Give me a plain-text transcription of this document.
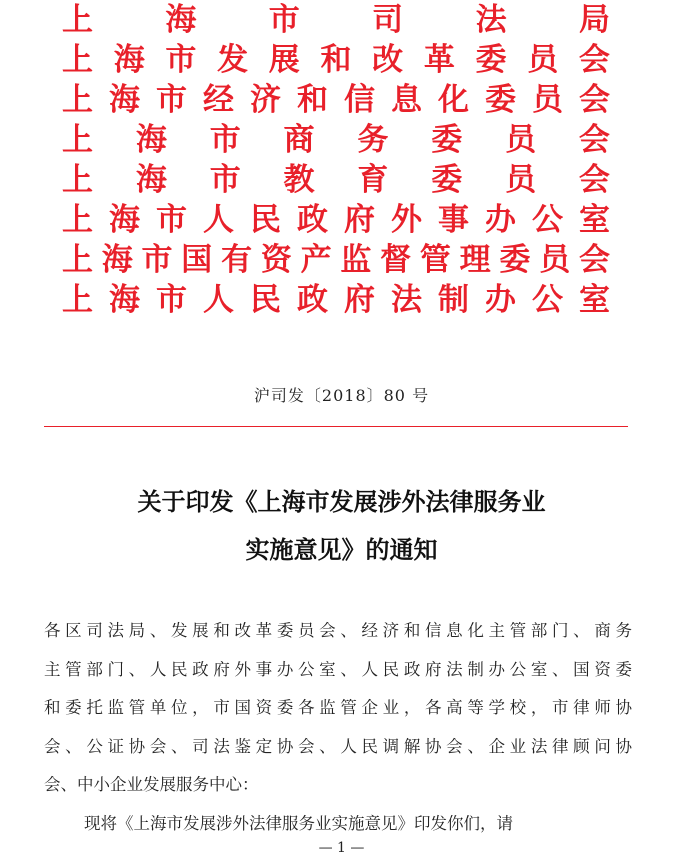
上 海 市 司 法 局
上 海 市 发 展 和 改 革 委 员 会
上 海 市 经 济 和 信 息 化 委 员 会
上 海 市 商 务 委 员 会
上 海 市 教 育 委 员 会
上 海 市 人 民 政 府 外 事 办 公 室
上 海 市 国 有 资 产 监 督 管 理 委 员 会
上 海 市 人 民 政 府 法 制 办 公 室
沪司发〔2018〕80 号
关于印发《上海市发展涉外法律服务业
实施意见》的通知
各区司法局、发展和改革委员会、经济和信息化主管部门、商务
主管部门、人民政府外事办公室、人民政府法制办公室、国资委
和委托监管单位，市国资委各监管企业，各高等学校，市律师协
会、公证协会、司法鉴定协会、人民调解协会、企业法律顾问协
会、中小企业发展服务中心：
现将《上海市发展涉外法律服务业实施意见》印发你们，请
— 1 —
